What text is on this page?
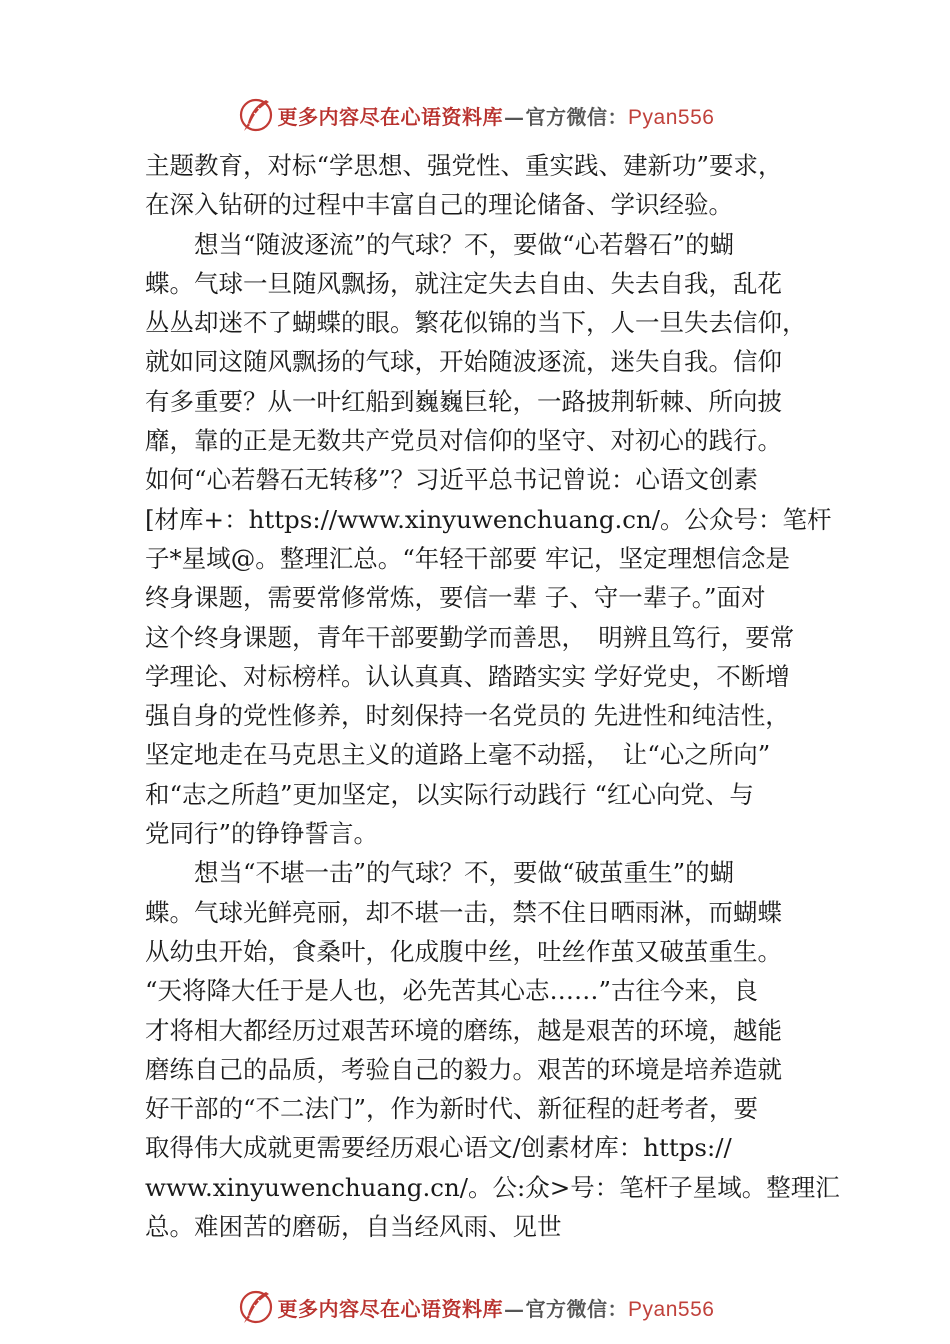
更多内容尽在心语资料库—官方微信：Pyan556
主题教育，对标“学思想、强党性、重实践、建新功”要求，
在深入钻研的过程中丰富自己的理论储备、学识经验。
　　想当“随波逐流”的气球？不，要做“心若磐石”的蝴
蝶。气球一旦随风飘扬，就注定失去自由、失去自我，乱花
丛丛却迷不了蝴蝶的眼。繁花似锦的当下，人一旦失去信仰，
就如同这随风飘扬的气球，开始随波逐流，迷失自我。信仰
有多重要？从一叶红船到巍巍巨轮，一路披荆斩棘、所向披
靡，靠的正是无数共产党员对信仰的坚守、对初心的践行。
如何“心若磐石无转移”？习近平总书记曾说：心语文创素
[材库+：https://www.xinyuwenchuang.cn/。公众号：笔杆
子*星域@。整理汇总。“年轻干部要 牢记，坚定理想信念是
终身课题，需要常修常炼，要信一辈 子、守一辈子。”面对
这个终身课题，青年干部要勤学而善思，　明辨且笃行，要常
学理论、对标榜样。认认真真、踏踏实实 学好党史，不断增
强自身的党性修养，时刻保持一名党员的 先进性和纯洁性，
坚定地走在马克思主义的道路上毫不动摇，　让“心之所向”
和“志之所趋”更加坚定，以实际行动践行 “红心向党、与
党同行”的铮铮誓言。
　　想当“不堪一击”的气球？不，要做“破茧重生”的蝴
蝶。气球光鲜亮丽，却不堪一击，禁不住日晒雨淋，而蝴蝶
从幼虫开始，食桑叶，化成腹中丝，吐丝作茧又破茧重生。
“天将降大任于是人也，必先苦其心志……”古往今来，良
才将相大都经历过艰苦环境的磨练，越是艰苦的环境，越能
磨练自己的品质，考验自己的毅力。艰苦的环境是培养造就
好干部的“不二法门”，作为新时代、新征程的赶考者，要
取得伟大成就更需要经历艰心语文/创素材库：https://
www.xinyuwenchuang.cn/。公:众>号：笔杆子星域。整理汇
总。难困苦的磨砺，自当经风雨、见世
更多内容尽在心语资料库—官方微信：Pyan556
